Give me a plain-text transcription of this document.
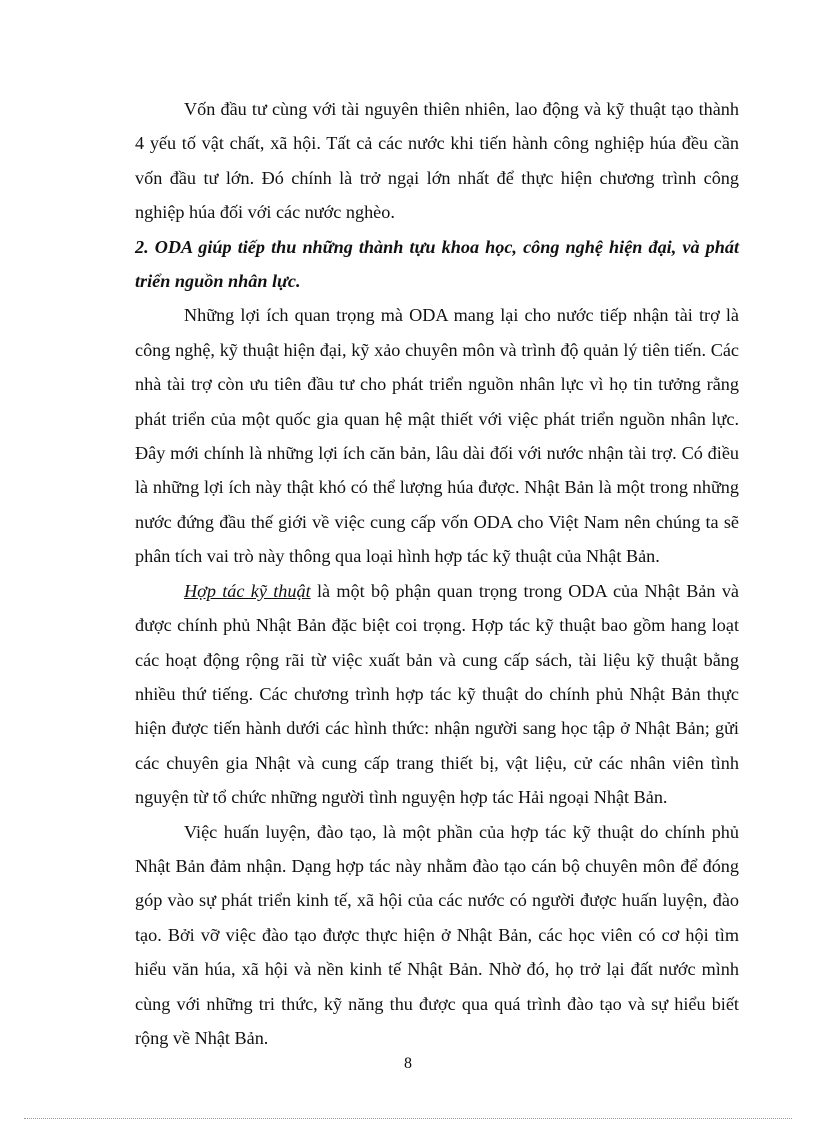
Vốn đầu tư cùng với tài nguyên thiên nhiên, lao động và kỹ thuật tạo thành 4 yếu tố vật chất, xã hội. Tất cả các nước khi tiến hành công nghiệp húa đều cần vốn đầu tư lớn. Đó chính là trở ngại lớn nhất để thực hiện chương trình công nghiệp húa đối với các nước nghèo.

2. ODA giúp tiếp thu những thành tựu khoa học, công nghệ hiện đại, và phát triển nguồn nhân lực.

Những lợi ích quan trọng mà ODA mang lại cho nước tiếp nhận tài trợ là công nghệ, kỹ thuật hiện đại, kỹ xảo chuyên môn và trình độ quản lý tiên tiến. Các nhà tài trợ còn ưu tiên đầu tư cho phát triển nguồn nhân lực vì họ tin tưởng rằng phát triển của một quốc gia quan hệ mật thiết với việc phát triển nguồn nhân lực. Đây mới chính là những lợi ích căn bản, lâu dài đối với nước nhận tài trợ. Có điều là những lợi ích này thật khó có thể lượng húa được. Nhật Bản là một trong những nước đứng đầu thế giới về việc cung cấp vốn ODA cho Việt Nam nên chúng ta sẽ phân tích vai trò này thông qua loại hình hợp tác kỹ thuật của Nhật Bản.

Hợp tác kỹ thuật là một bộ phận quan trọng trong ODA của Nhật Bản và được chính phủ Nhật Bản đặc biệt coi trọng. Hợp tác kỹ thuật bao gồm hang loạt các hoạt động rộng rãi từ việc xuất bản và cung cấp sách, tài liệu kỹ thuật bằng nhiều thứ tiếng. Các chương trình hợp tác kỹ thuật do chính phủ Nhật Bản thực hiện được tiến hành dưới các hình thức: nhận người sang học tập ở Nhật Bản; gửi các chuyên gia Nhật và cung cấp trang thiết bị, vật liệu, cử các nhân viên tình nguyện từ tổ chức những người tình nguyện hợp tác Hải ngoại Nhật Bản.

Việc huấn luyện, đào tạo, là một phần của hợp tác kỹ thuật do chính phủ Nhật Bản đảm nhận. Dạng hợp tác này nhằm đào tạo cán bộ chuyên môn để đóng góp vào sự phát triển kinh tế, xã hội của các nước có người được huấn luyện, đào tạo. Bởi vỡ việc đào tạo được thực hiện ở Nhật Bản, các học viên có cơ hội tìm hiểu văn húa, xã hội và nền kinh tế Nhật Bản. Nhờ đó, họ trở lại đất nước mình cùng với những tri thức, kỹ năng thu được qua quá trình đào tạo và sự hiểu biết rộng về Nhật Bản.

8
